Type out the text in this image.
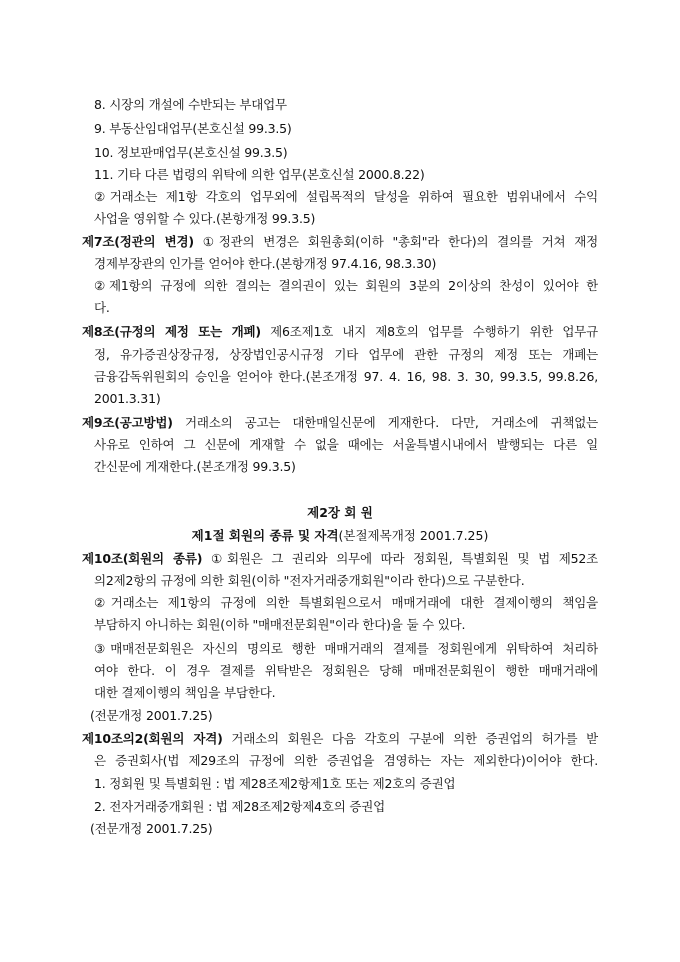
8. 시장의 개설에 수반되는 부대업무
9. 부동산임대업무(본호신설 99.3.5)
10. 정보판매업무(본호신설 99.3.5)
11. 기타 다른 법령의 위탁에 의한 업무(본호신설 2000.8.22)
②거래소는 제1항 각호의 업무외에 설립목적의 달성을 위하여 필요한 범위내에서 수익
사업을 영위할 수 있다.(본항개정 99.3.5)
제7조(정관의 변경) ①정관의 변경은 회원총회(이하 "총회"라 한다)의 결의를 거쳐 재정
경제부장관의 인가를 얻어야 한다.(본항개정 97.4.16, 98.3.30)
②제1항의 규정에 의한 결의는 결의권이 있는 회원의 3분의 2이상의 찬성이 있어야 한
다.
제8조(규정의 제정 또는 개폐) 제6조제1호 내지 제8호의 업무를 수행하기 위한 업무규
정, 유가증권상장규정, 상장법인공시규정 기타 업무에 관한 규정의 제정 또는 개폐는
금융감독위원회의 승인을 얻어야 한다.(본조개정 97. 4. 16, 98. 3. 30, 99.3.5, 99.8.26,
2001.3.31)
제9조(공고방법) 거래소의 공고는 대한매일신문에 게재한다. 다만, 거래소에 귀책없는
사유로 인하여 그 신문에 게재할 수 없을 때에는 서울특별시내에서 발행되는 다른 일
간신문에 게재한다.(본조개정 99.3.5)
제2장 회 원
제1절 회원의 종류 및 자격(본절제목개정 2001.7.25)
제10조(회원의 종류) ①회원은 그 권리와 의무에 따라 정회원, 특별회원 및 법 제52조
의2제2항의 규정에 의한 회원(이하 "전자거래중개회원"이라 한다)으로 구분한다.
②거래소는 제1항의 규정에 의한 특별회원으로서 매매거래에 대한 결제이행의 책임을
부담하지 아니하는 회원(이하 "매매전문회원"이라 한다)을 둘 수 있다.
③매매전문회원은 자신의 명의로 행한 매매거래의 결제를 정회원에게 위탁하여 처리하
여야 한다. 이 경우 결제를 위탁받은 정회원은 당해 매매전문회원이 행한 매매거래에
대한 결제이행의 책임을 부담한다.
(전문개정 2001.7.25)
제10조의2(회원의 자격) 거래소의 회원은 다음 각호의 구분에 의한 증권업의 허가를 받
은 증권회사(법 제29조의 규정에 의한 증권업을 겸영하는 자는 제외한다)이어야 한다.
1. 정회원 및 특별회원 : 법 제28조제2항제1호 또는 제2호의 증권업
2. 전자거래중개회원 : 법 제28조제2항제4호의 증권업
(전문개정 2001.7.25)
